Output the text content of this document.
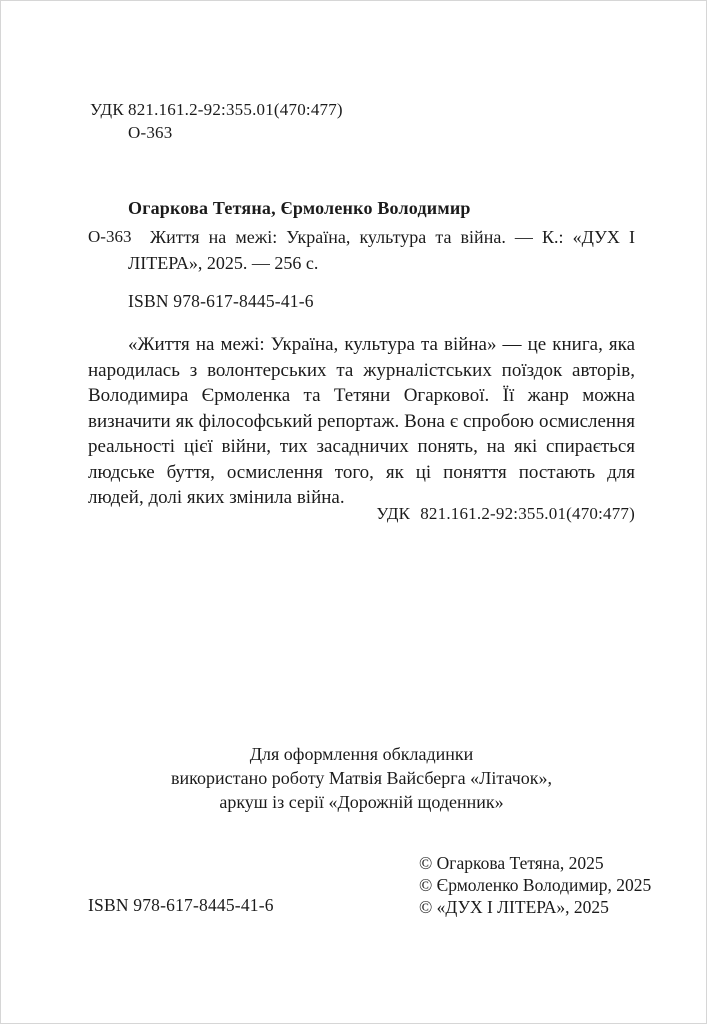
УДК 821.161.2-92:355.01(470:477)
О-363
Огаркова Тетяна, Єрмоленко Володимир
О-363	Життя на межі: Україна, культура та війна. — К.: «ДУХ І ЛІТЕРА», 2025. — 256 с.
ISBN 978-617-8445-41-6
«Життя на межі: Україна, культура та війна» — це книга, яка народилась з волонтерських та журналістських поїздок авторів, Володимира Єрмоленка та Тетяни Огаркової. Її жанр можна визначити як філософський репортаж. Вона є спробою осмислення реальності цієї війни, тих засадничих понять, на які спирається людське буття, осмислення того, як ці поняття постають для людей, долі яких змінила війна.
УДК 821.161.2-92:355.01(470:477)
Для оформлення обкладинки
використано роботу Матвія Вайсберга «Літачок»,
аркуш із серії «Дорожній щоденник»
© Огаркова Тетяна, 2025
© Єрмоленко Володимир, 2025
© «ДУХ І ЛІТЕРА», 2025
ISBN 978-617-8445-41-6
